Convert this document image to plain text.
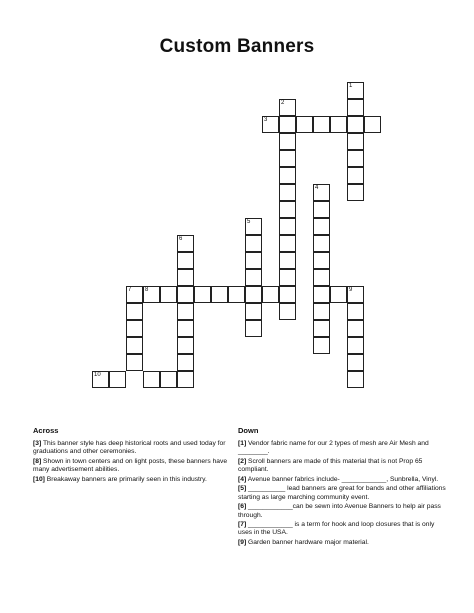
Custom Banners
1
2
3
4
5
6
7 8	9
10
Across
[3] This banner style has deep historical roots and used today for graduations and other ceremonies.
[8] Shown in town centers and on light posts, these banners have many advertisement abilities.
[10] Breakaway banners are primarily seen in this industry.
Down
[1] Vendor fabric name for our 2 types of mesh are Air Mesh and ________.
[2] Scroll banners are made of this material that is not Prop 65 compliant.
[4] Avenue banner fabrics include- ____________, Sunbrella, Vinyl.
[5] __________ lead banners are great for bands and other affiliations starting as large marching community event.
[6] ____________can be sewn into Avenue Banners to help air pass through.
[7] ____________ is a term for hook and loop closures that is only uses in the USA.
[9] Garden banner hardware major material.
